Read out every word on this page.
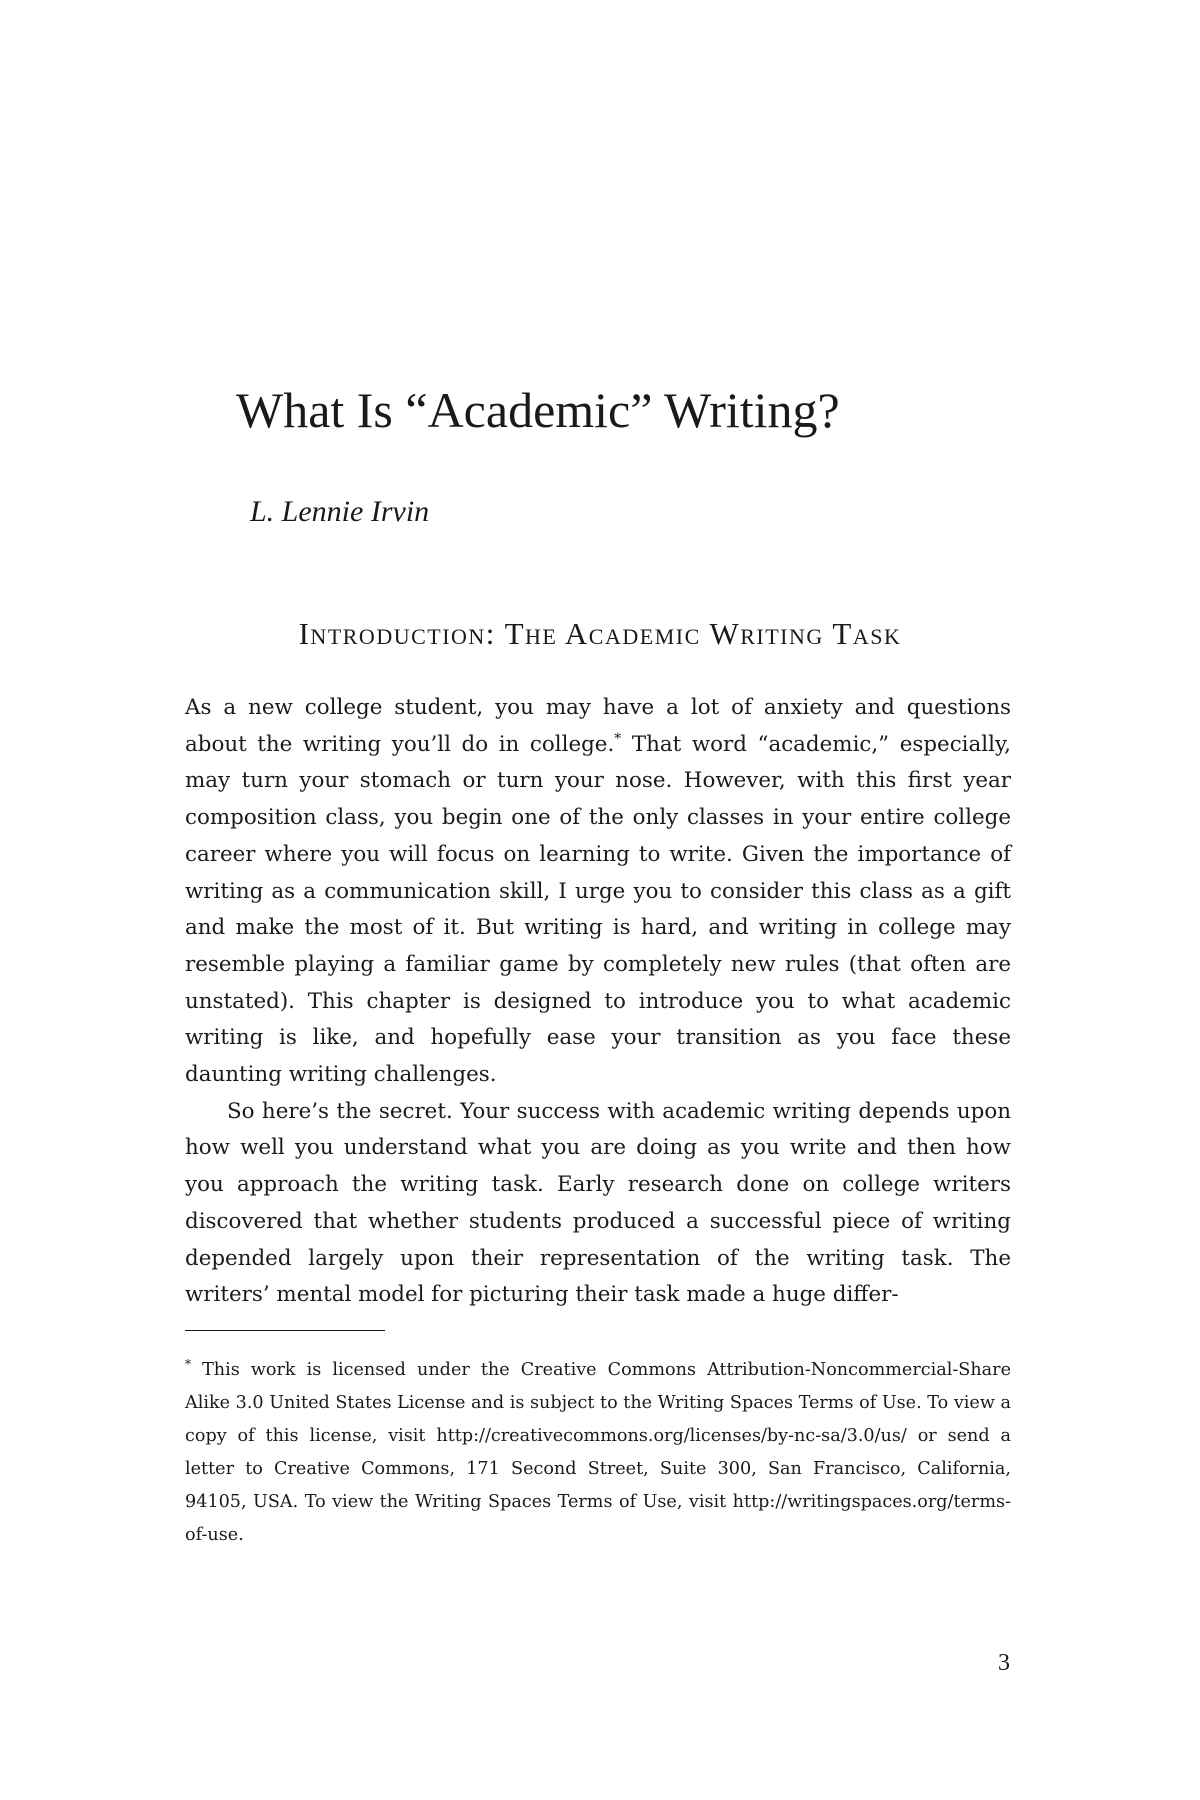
What Is “Academic” Writing?

L. Lennie Irvin

Introduction: The Academic Writing Task

As a new college student, you may have a lot of anxiety and questions about the writing you’ll do in college.* That word “academic,” especially, may turn your stomach or turn your nose. However, with this first year composition class, you begin one of the only classes in your entire college career where you will focus on learning to write. Given the importance of writing as a communication skill, I urge you to consider this class as a gift and make the most of it. But writing is hard, and writing in college may resemble playing a familiar game by completely new rules (that often are unstated). This chapter is designed to introduce you to what academic writing is like, and hopefully ease your transition as you face these daunting writing challenges.

So here’s the secret. Your success with academic writing depends upon how well you understand what you are doing as you write and then how you approach the writing task. Early research done on college writers discovered that whether students produced a successful piece of writing depended largely upon their representation of the writing task. The writers’ mental model for picturing their task made a huge differ-

* This work is licensed under the Creative Commons Attribution-Noncommercial-Share Alike 3.0 United States License and is subject to the Writing Spaces Terms of Use. To view a copy of this license, visit http://​creativecommons.org/licenses/by-nc-sa/3.0/us/ or send a letter to Creative Commons, 171 Second Street, Suite 300, San Francisco, California, 94105, USA. To view the Writing Spaces Terms of Use, visit http://writingspaces.​org/terms-of-use.

3
